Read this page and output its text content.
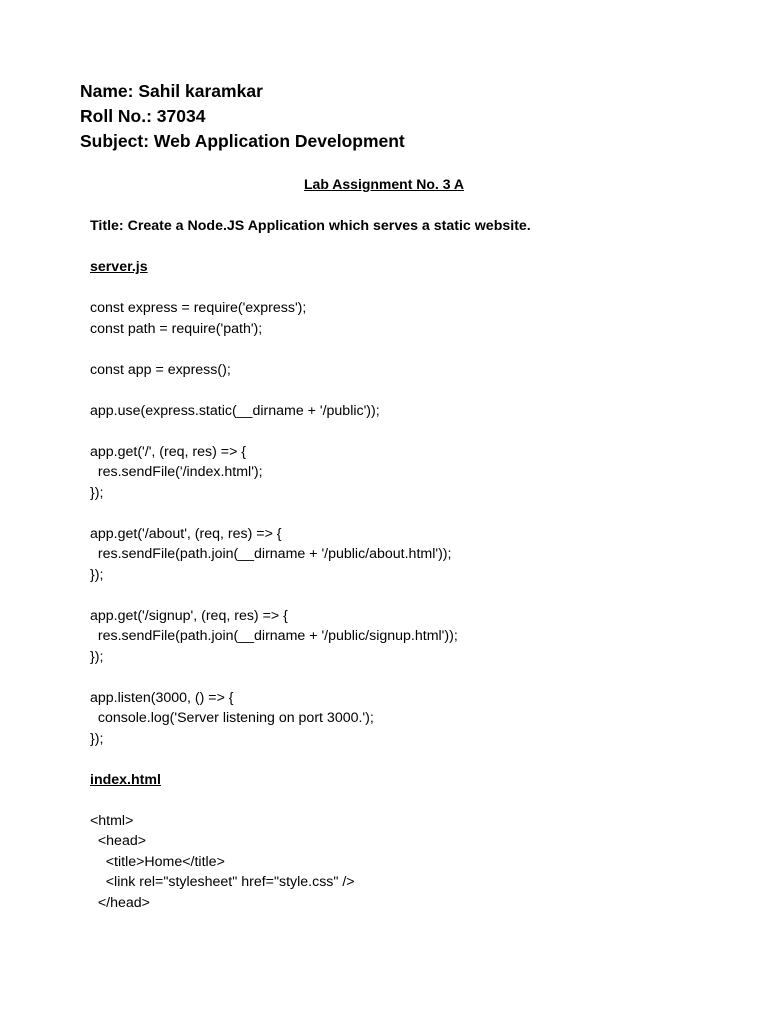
Name: Sahil karamkar
Roll No.: 37034
Subject: Web Application Development
Lab Assignment No. 3 A
Title: Create a Node.JS Application which serves a static website.
server.js
const express = require('express');
const path = require('path');
const app = express();
app.use(express.static(__dirname + '/public'));
app.get('/', (req, res) => {
res.sendFile('/index.html');
});
app.get('/about', (req, res) => {
res.sendFile(path.join(__dirname + '/public/about.html'));
});
app.get('/signup', (req, res) => {
res.sendFile(path.join(__dirname + '/public/signup.html'));
});
app.listen(3000, () => {
console.log('Server listening on port 3000.');
});
index.html
<html>
<head>
<title>Home</title>
<link rel="stylesheet" href="style.css" />
</head>
